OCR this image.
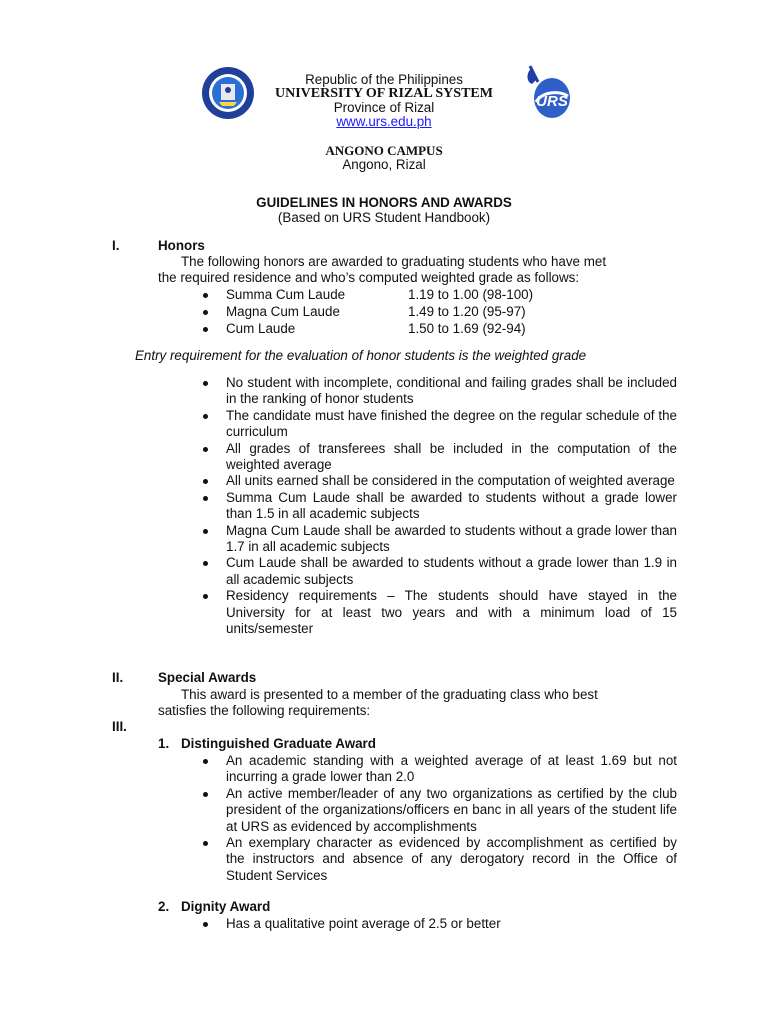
URS
Republic of the Philippines
UNIVERSITY OF RIZAL SYSTEM
Province of Rizal
www.urs.edu.ph
ANGONO CAMPUS
Angono, Rizal
GUIDELINES IN HONORS AND AWARDS
(Based on URS Student Handbook)
I.	Honors
The following honors are awarded to graduating students who have met
the required residence and who’s computed weighted grade as follows:
Summa Cum Laude	1.19 to 1.00 (98-100)
Magna Cum Laude	1.49 to 1.20 (95-97)
Cum Laude	1.50 to 1.69 (92-94)
Entry requirement for the evaluation of honor students is the weighted grade
No student with incomplete, conditional and failing grades shall be included in the ranking of honor students
The candidate must have finished the degree on the regular schedule of the curriculum
All grades of transferees shall be included in the computation of the weighted average
All units earned shall be considered in the computation of weighted average
Summa Cum Laude shall be awarded to students without a grade lower than 1.5 in all academic subjects
Magna Cum Laude shall be awarded to students without a grade lower than 1.7 in all academic subjects
Cum Laude shall be awarded to students without a grade lower than 1.9 in all academic subjects
Residency requirements – The students should have stayed in the University for at least two years and with a minimum load of 15 units/semester
II.	Special Awards
This award is presented to a member of the graduating class who best
satisfies the following requirements:
III.
1. Distinguished Graduate Award
An academic standing with a weighted average of at least 1.69 but not incurring a grade lower than 2.0
An active member/leader of any two organizations as certified by the club president of the organizations/officers en banc in all years of the student life at URS as evidenced by accomplishments
An exemplary character as evidenced by accomplishment as certified by the instructors and absence of any derogatory record in the Office of Student Services
2. Dignity Award
Has a qualitative point average of 2.5 or better
